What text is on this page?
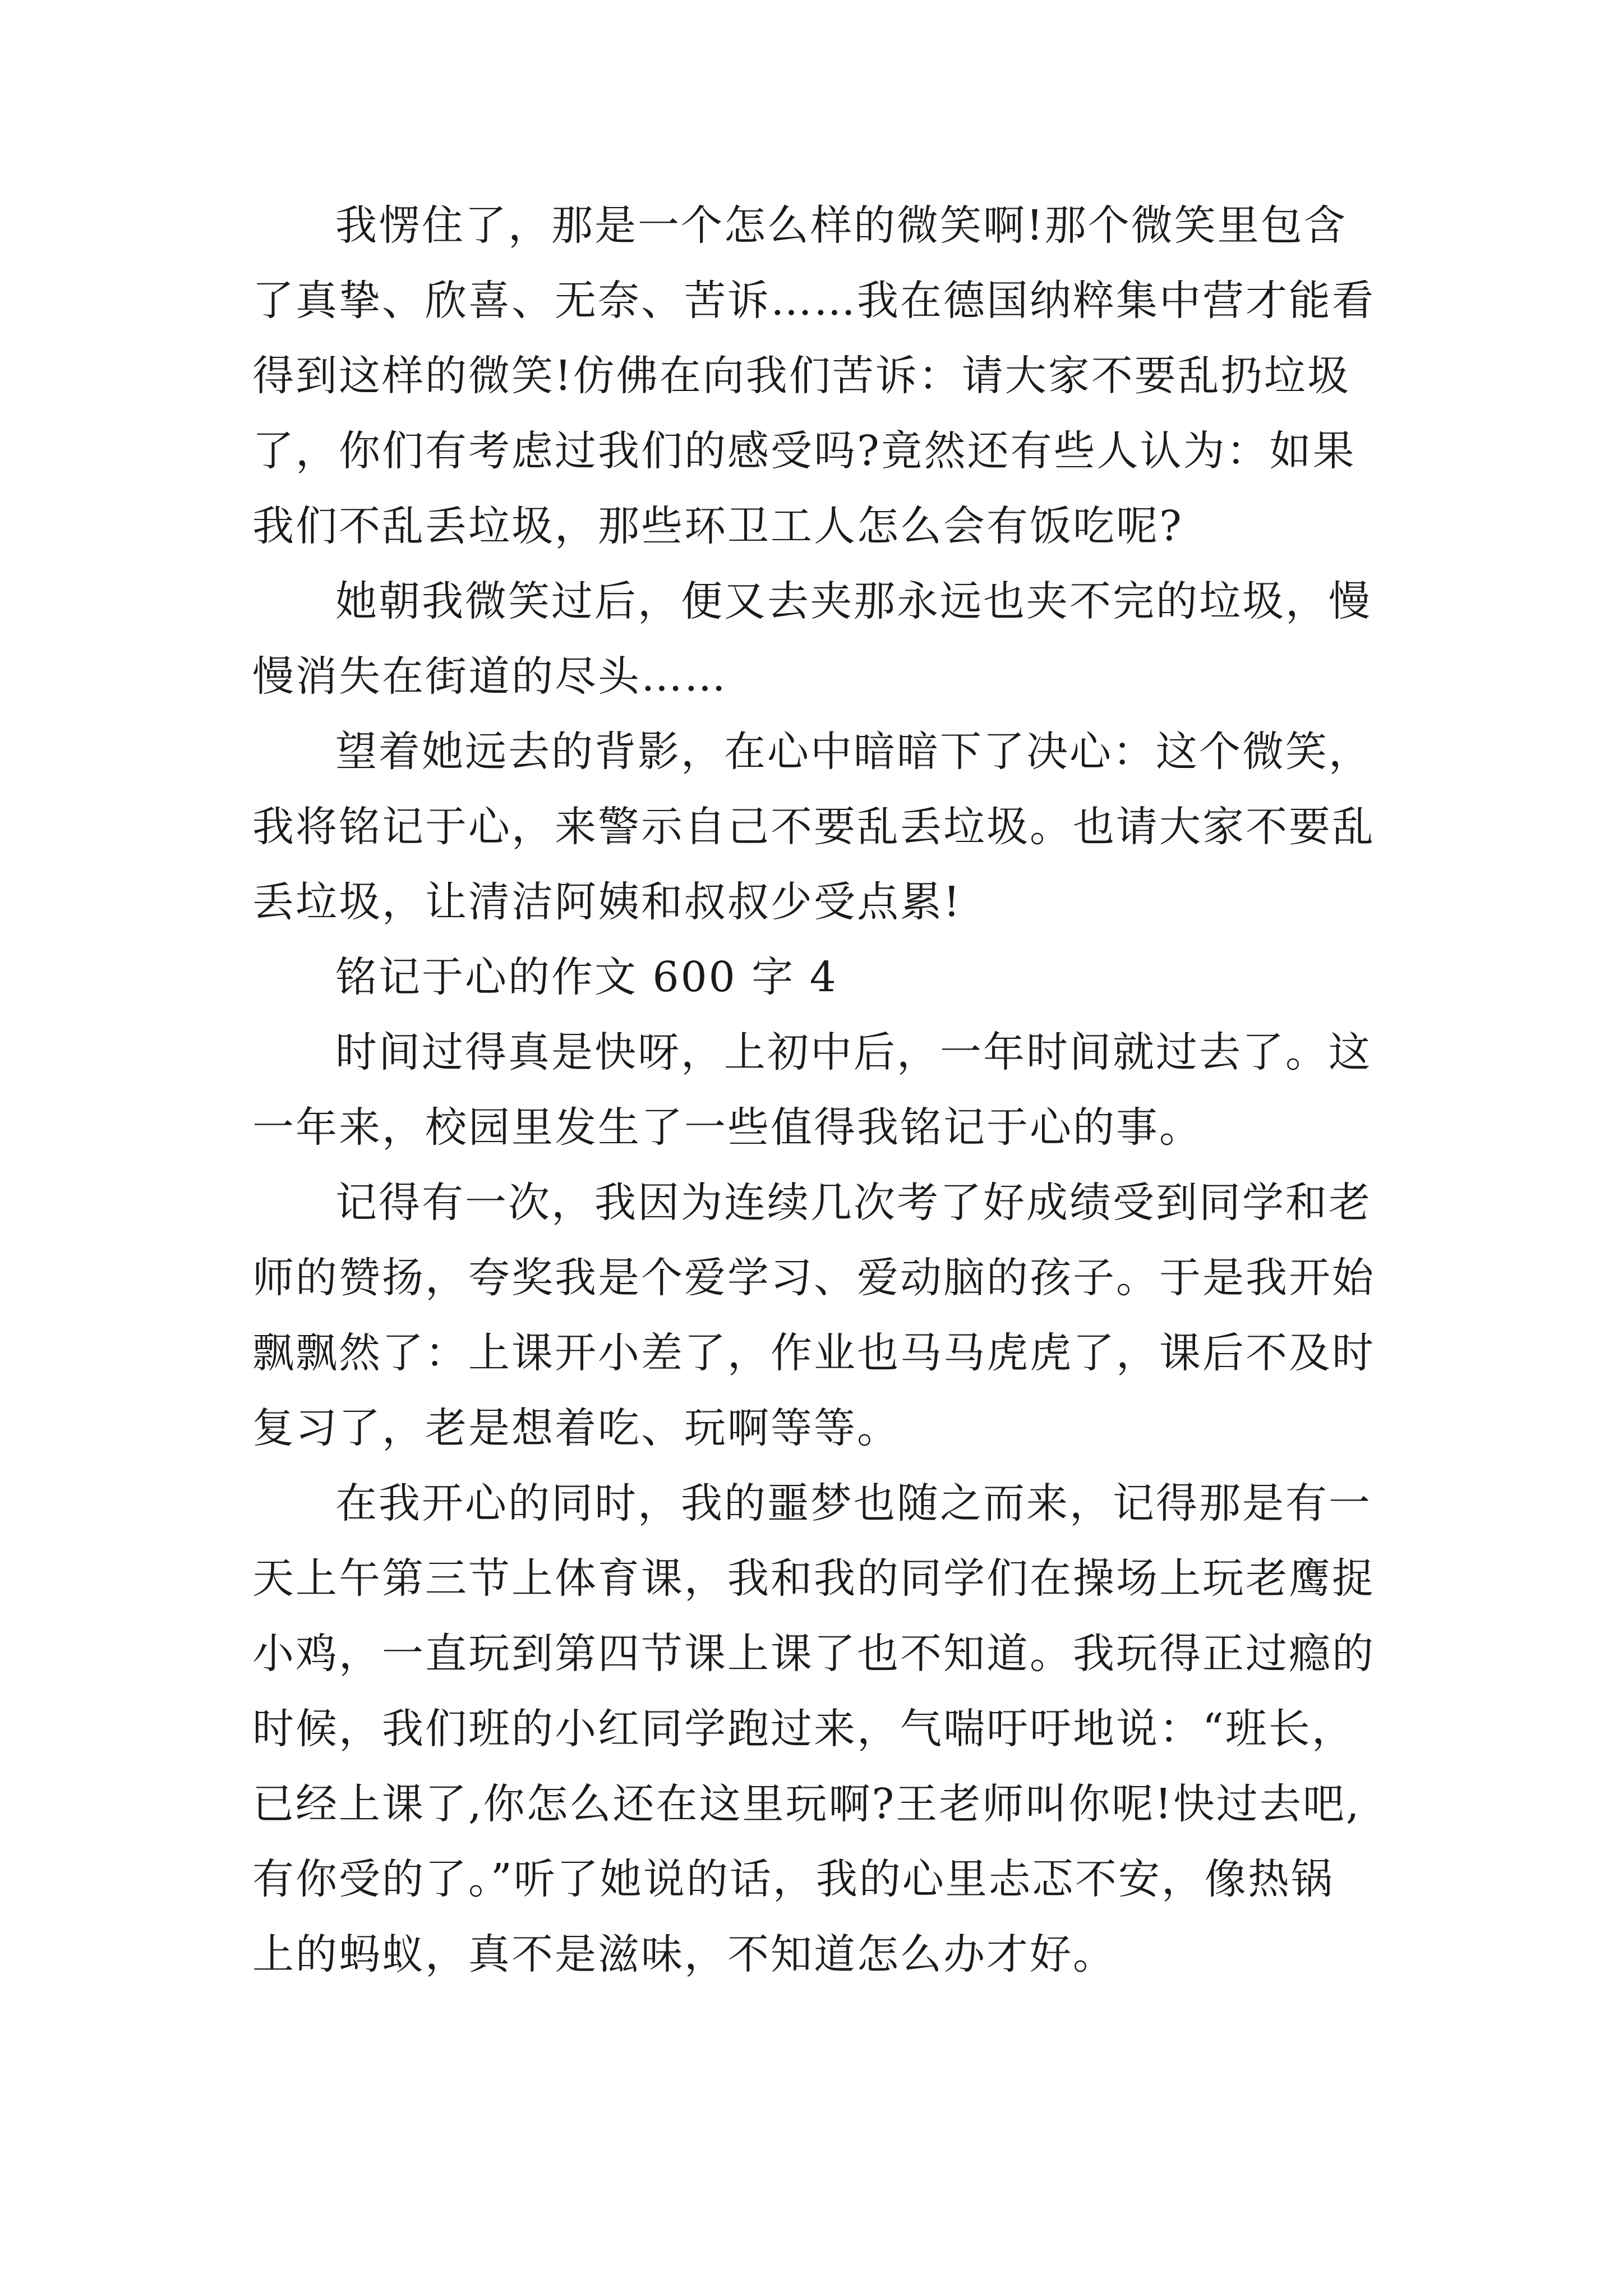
我愣住了，那是一个怎么样的微笑啊!那个微笑里包含
了真挚、欣喜、无奈、苦诉……我在德国纳粹集中营才能看
得到这样的微笑!仿佛在向我们苦诉：请大家不要乱扔垃圾
了，你们有考虑过我们的感受吗?竟然还有些人认为：如果
我们不乱丢垃圾，那些环卫工人怎么会有饭吃呢?
她朝我微笑过后，便又去夹那永远也夹不完的垃圾，慢
慢消失在街道的尽头……
望着她远去的背影，在心中暗暗下了决心：这个微笑，
我将铭记于心，来警示自己不要乱丢垃圾。也请大家不要乱
丢垃圾，让清洁阿姨和叔叔少受点累!
铭记于心的作文 600 字 4
时间过得真是快呀，上初中后，一年时间就过去了。这
一年来，校园里发生了一些值得我铭记于心的事。
记得有一次，我因为连续几次考了好成绩受到同学和老
师的赞扬，夸奖我是个爱学习、爱动脑的孩子。于是我开始
飘飘然了：上课开小差了，作业也马马虎虎了，课后不及时
复习了，老是想着吃、玩啊等等。
在我开心的同时，我的噩梦也随之而来，记得那是有一
天上午第三节上体育课，我和我的同学们在操场上玩老鹰捉
小鸡，一直玩到第四节课上课了也不知道。我玩得正过瘾的
时候，我们班的小红同学跑过来，气喘吁吁地说：“班长，
已经上课了,你怎么还在这里玩啊?王老师叫你呢!快过去吧,
有你受的了。”听了她说的话，我的心里忐忑不安，像热锅
上的蚂蚁，真不是滋味，不知道怎么办才好。
